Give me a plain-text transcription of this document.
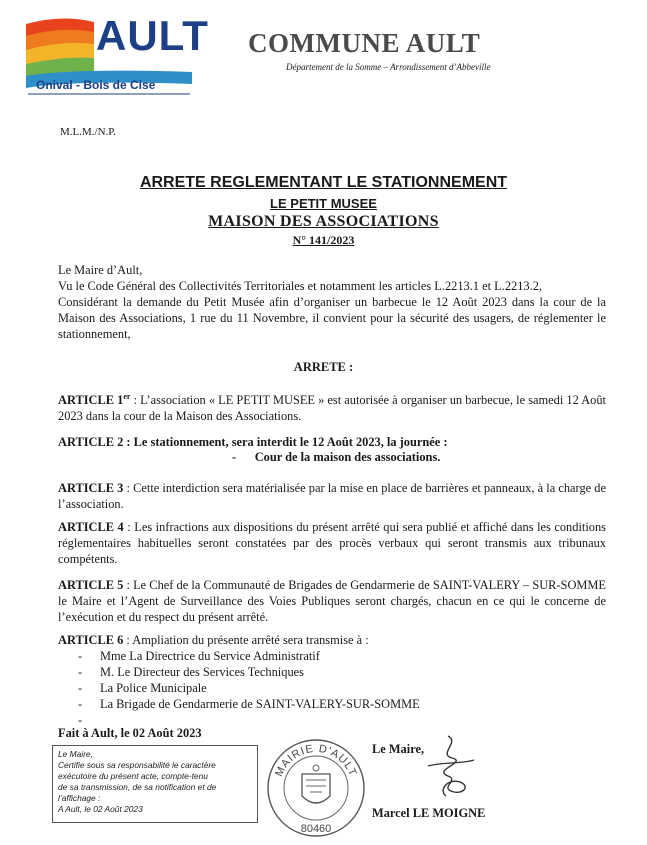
AULT
Onival - Bois de Cise
COMMUNE AULT
Département de la Somme – Arrondissement d’Abbeville
M.L.M./N.P.
ARRETE REGLEMENTANT LE STATIONNEMENT
LE PETIT MUSEE
MAISON DES ASSOCIATIONS
N° 141/2023
Le Maire d’Ault,
Vu le Code Général des Collectivités Territoriales et notamment les articles L.2213.1 et L.2213.2,
Considérant la demande du Petit Musée afin d’organiser un barbecue le 12 Août 2023 dans la cour de la Maison des Associations, 1 rue du 11 Novembre, il convient pour la sécurité des usagers, de réglementer le stationnement,
ARRETE :
ARTICLE 1er : L’association « LE PETIT MUSEE » est autorisée à organiser un barbecue, le samedi 12 Août 2023 dans la cour de la Maison des Associations.
ARTICLE 2 : Le stationnement, sera interdit le 12 Août 2023, la journée :
-      Cour de la maison des associations.
ARTICLE 3 : Cette interdiction sera matérialisée par la mise en place de barrières et panneaux, à la charge de l’association.
ARTICLE 4 : Les infractions aux dispositions du présent arrêté qui sera publié et affiché dans les conditions réglementaires habituelles seront constatées par des procès verbaux qui seront transmis aux tribunaux compétents.
ARTICLE 5 : Le Chef de la Communauté de Brigades de Gendarmerie de SAINT-VALERY – SUR-SOMME le Maire et l’Agent de Surveillance des Voies Publiques seront chargés, chacun en ce qui le concerne de l’exécution et du respect du présent arrêté.
ARTICLE 6 : Ampliation du présente arrêté sera transmise à :
- Mme La Directrice du Service Administratif
- M. Le Directeur des Services Techniques
- La Police Municipale
- La Brigade de Gendarmerie de SAINT-VALERY-SUR-SOMME
-
Fait à Ault, le 02 Août 2023
Le Maire,
Certifie sous sa responsabilité le caractère
exécutoire du présent acte, compte-tenu
de sa transmission, de sa notification et de
l’affichage :
A Ault, le 02 Août 2023
MAIRIE D'AULT
80460
Le Maire,
Marcel LE MOIGNE
